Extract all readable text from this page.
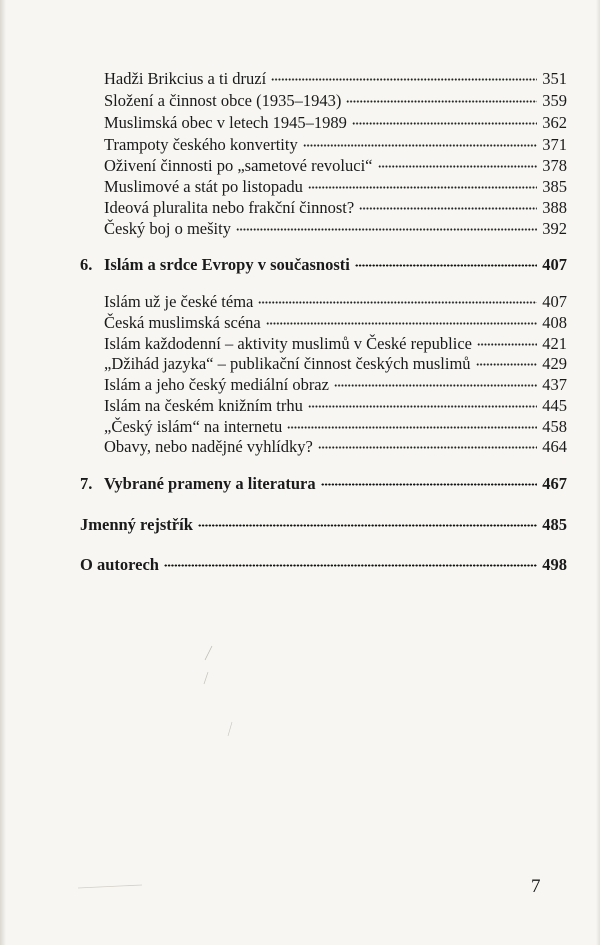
Hadži Brikcius a ti druzí	351
Složení a činnost obce (1935–1943)	359
Muslimská obec v letech 1945–1989	362
Trampoty českého konvertity	371
Oživení činnosti po „sametové revoluci“	378
Muslimové a stát po listopadu	385
Ideová pluralita nebo frakční činnost?	388
Český boj o mešity	392
6. Islám a srdce Evropy v současnosti	407
Islám už je české téma	407
Česká muslimská scéna	408
Islám každodenní – aktivity muslimů v České republice	421
„Džihád jazyka“ – publikační činnost českých muslimů	429
Islám a jeho český mediální obraz	437
Islám na českém knižním trhu	445
„Český islám“ na internetu	458
Obavy, nebo nadějné vyhlídky?	464
7. Vybrané prameny a literatura	467
Jmenný rejstřík	485
O autorech	498
7
